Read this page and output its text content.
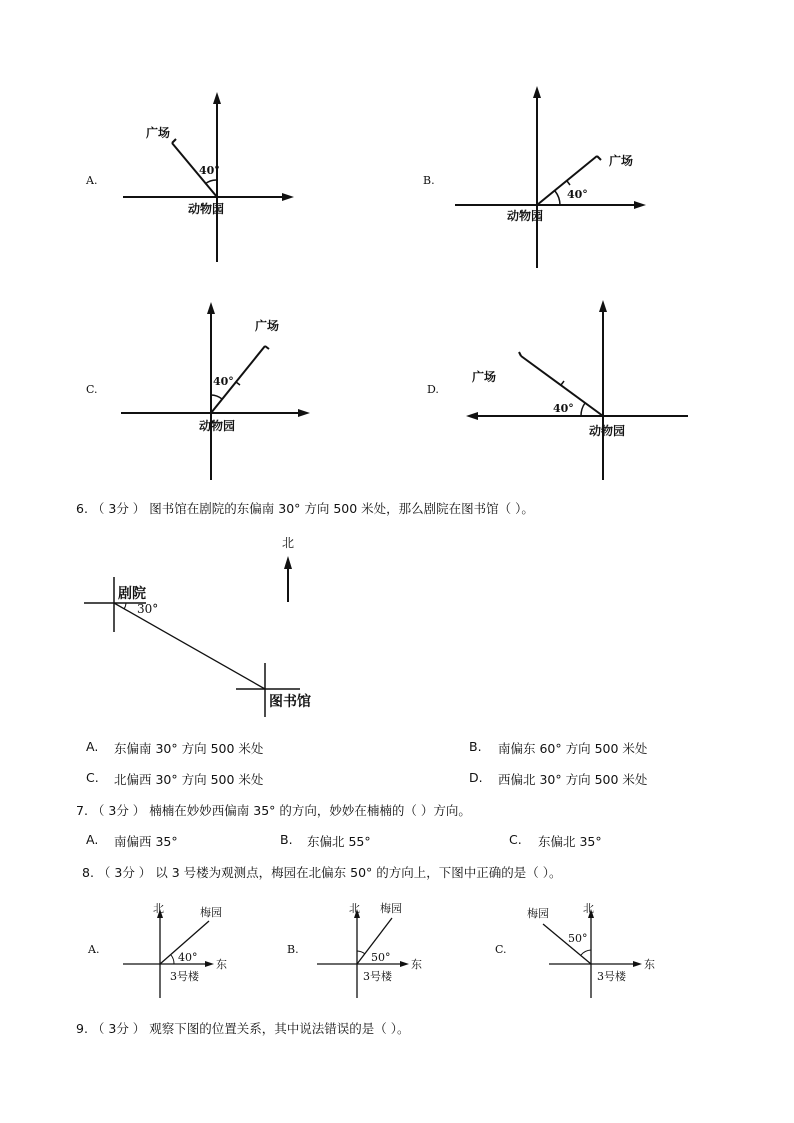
A.
广场
40°
动物园
B.
广场
40°
动物园
C.
广场
40°
动物园
D.
广场
40°
动物园
6. （ 3分 ） 图书馆在剧院的东偏南 30° 方向 500 米处，那么剧院在图书馆（ ）。
北
剧院
30°
图书馆
A. 东偏南 30° 方向 500 米处	B. 南偏东 60° 方向 500 米处
C. 北偏西 30° 方向 500 米处	D. 西偏北 30° 方向 500 米处
7. （ 3分 ） 楠楠在妙妙西偏南 35° 的方向，妙妙在楠楠的（ ）方向。
A. 南偏西 35°	B. 东偏北 55°	C. 东偏北 35°
8. （ 3分 ） 以 3 号楼为观测点，梅园在北偏东 50° 的方向上，下图中正确的是（ ）。
A.
北	梅园
40°
东
3号楼
B.
北 梅园
50°
东
3号楼
C.
北
梅园
50°
东
3号楼
9. （ 3分 ） 观察下图的位置关系，其中说法错误的是（ ）。
